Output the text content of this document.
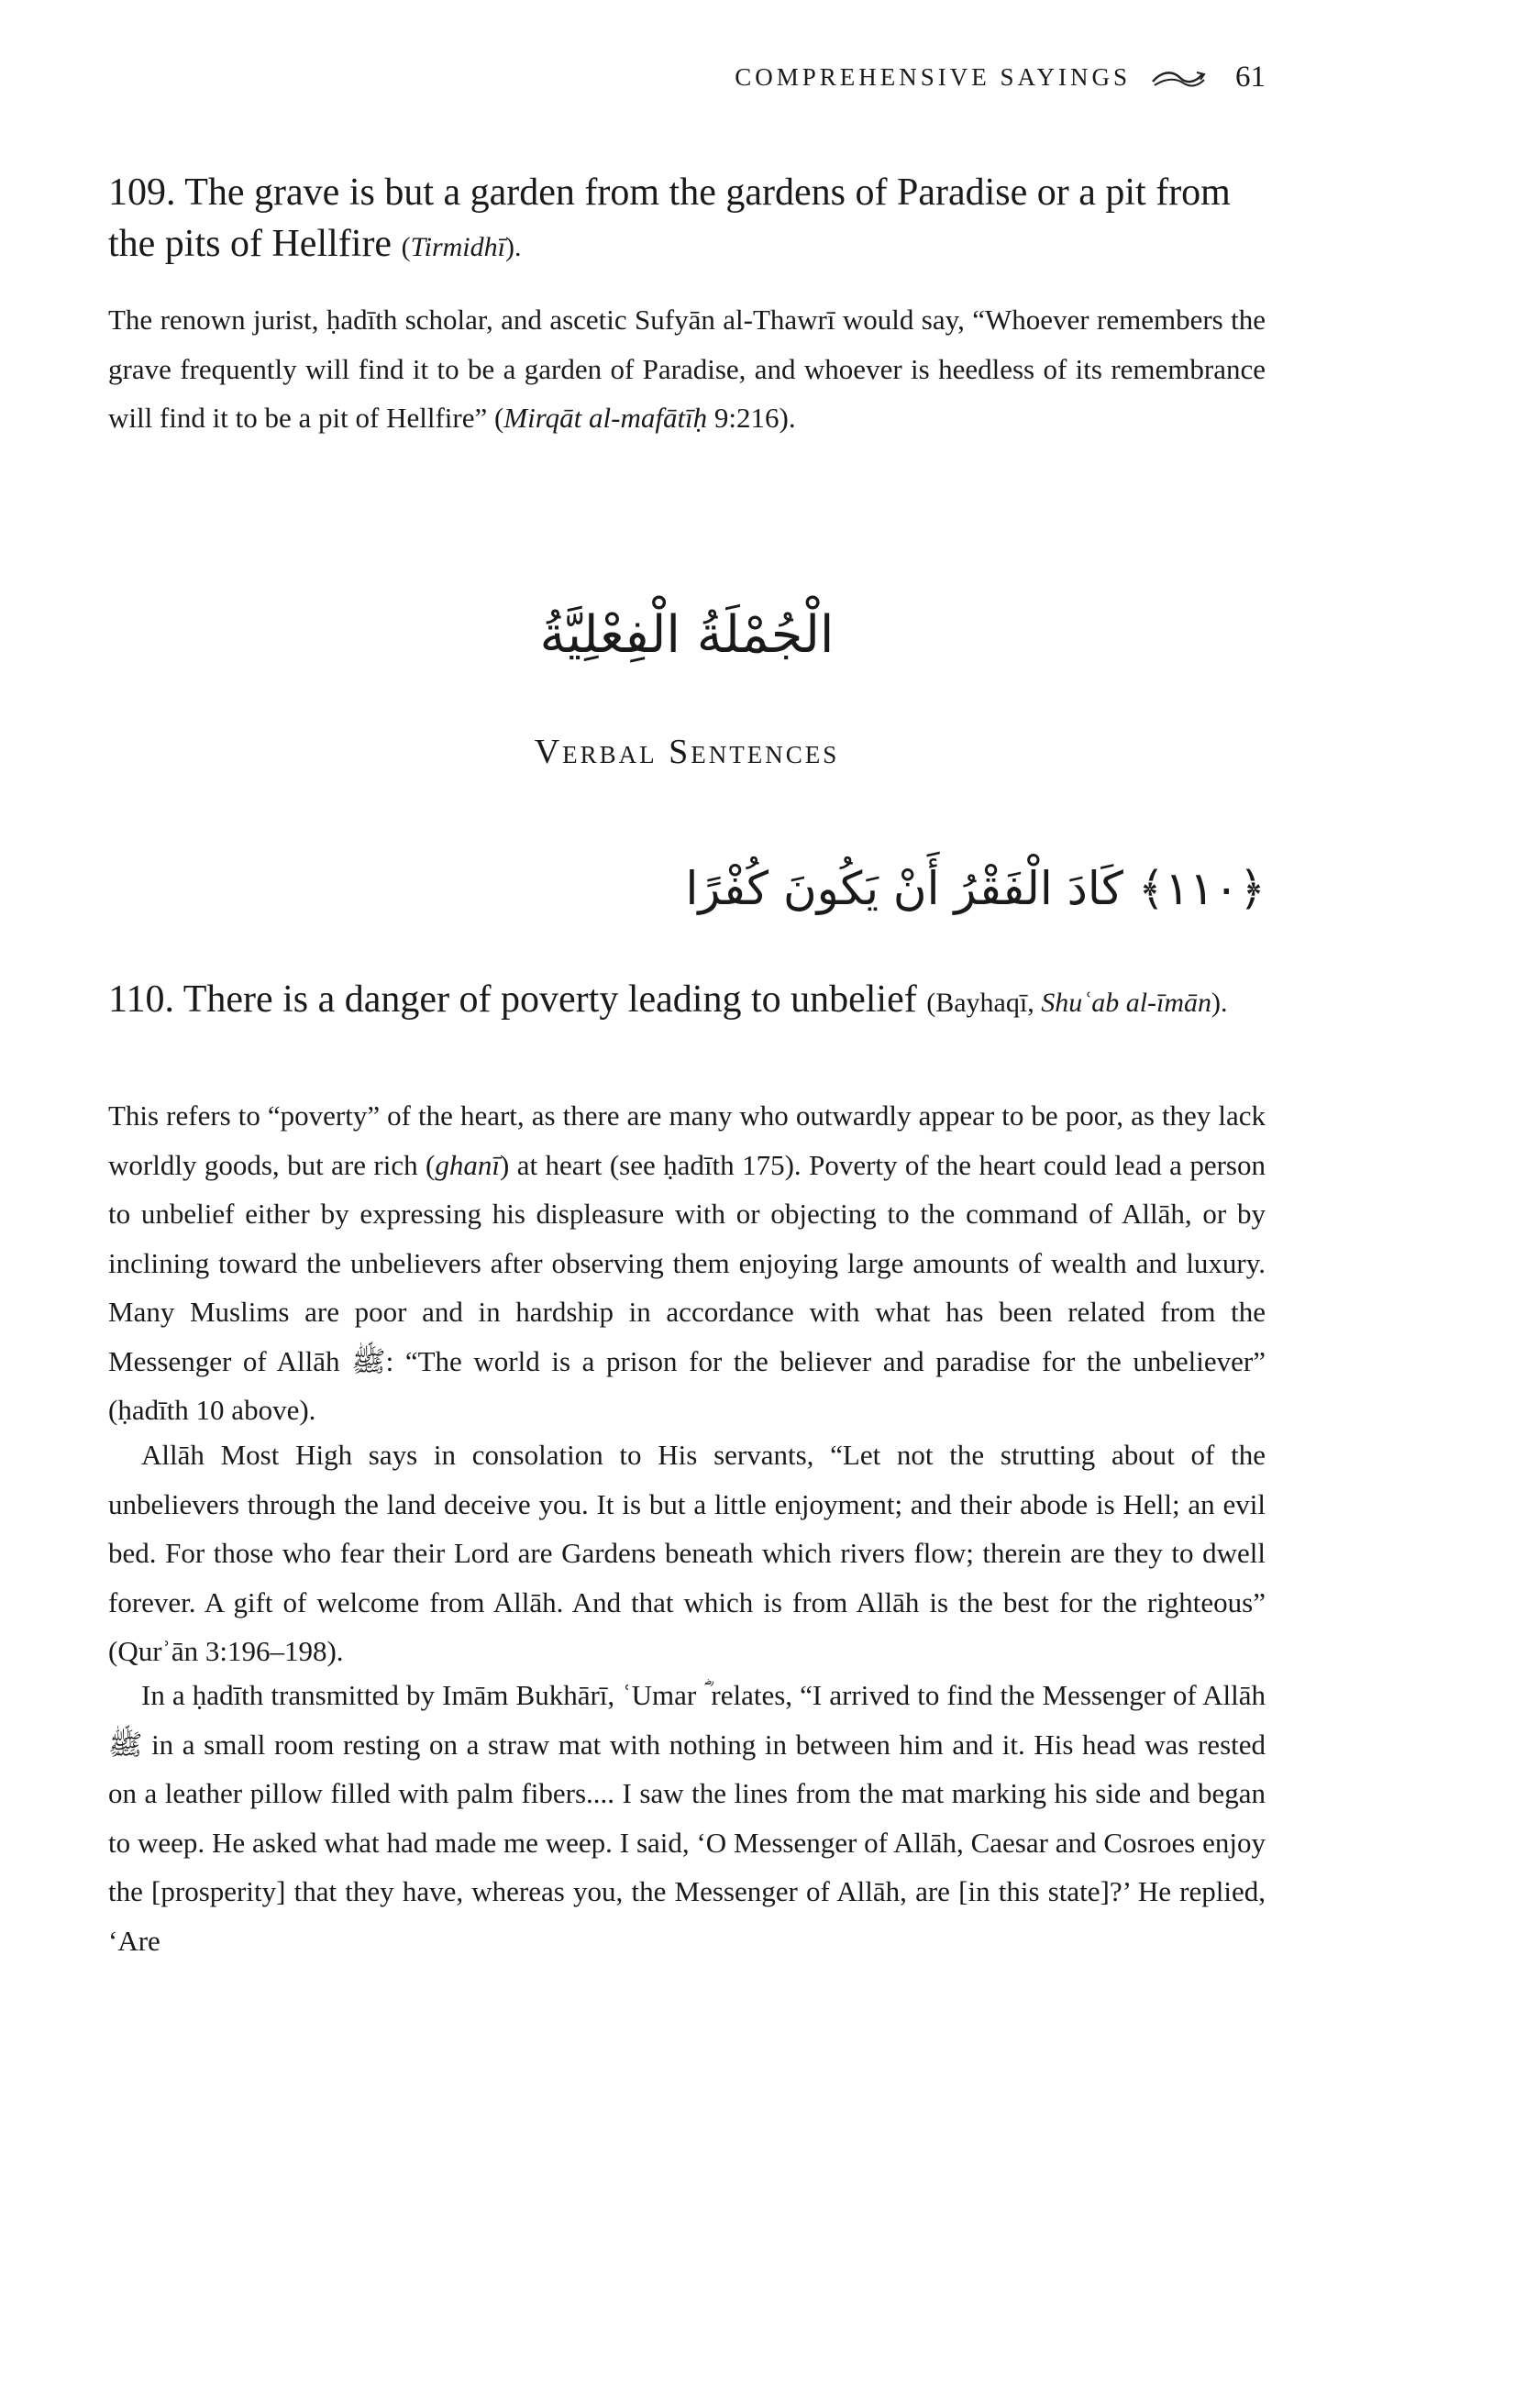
COMPREHENSIVE SAYINGS	61
109. The grave is but a garden from the gardens of Paradise or a pit from the pits of Hellfire (Tirmidhī).

The renown jurist, ḥadīth scholar, and ascetic Sufyān al-Thawrī would say, “Whoever remembers the grave frequently will find it to be a garden of Paradise, and whoever is heedless of its remembrance will find it to be a pit of Hellfire” (Mirqāt al-mafātīḥ 9:216).

الْجُمْلَةُ الْفِعْلِيَّةُ
Verbal Sentences
﴿١١٠﴾ كَادَ الْفَقْرُ أَنْ يَكُونَ كُفْرًا
110. There is a danger of poverty leading to unbelief (Bayhaqī, Shuʿab al-īmān).

This refers to “poverty” of the heart, as there are many who outwardly appear to be poor, as they lack worldly goods, but are rich (ghanī) at heart (see ḥadīth 175). Poverty of the heart could lead a person to unbelief either by expressing his displeasure with or objecting to the command of Allāh, or by inclining toward the unbelievers after observing them enjoying large amounts of wealth and luxury. Many Muslims are poor and in hardship in accordance with what has been related from the Messenger of Allāh ﷺ: “The world is a prison for the believer and paradise for the unbeliever” (ḥadīth 10 above).

Allāh Most High says in consolation to His servants, “Let not the strutting about of the unbelievers through the land deceive you. It is but a little enjoyment; and their abode is Hell; an evil bed. For those who fear their Lord are Gardens beneath which rivers flow; therein are they to dwell forever. A gift of welcome from Allāh. And that which is from Allāh is the best for the righteous” (Qurʾān 3:196–198).

In a ḥadīth transmitted by Imām Bukhārī, ʿUmar ؓ relates, “I arrived to find the Messenger of Allāh ﷺ in a small room resting on a straw mat with nothing in between him and it. His head was rested on a leather pillow filled with palm fibers.... I saw the lines from the mat marking his side and began to weep. He asked what had made me weep. I said, ‘O Messenger of Allāh, Caesar and Cosroes enjoy the [prosperity] that they have, whereas you, the Messenger of Allāh, are [in this state]?’ He replied, ‘Are
